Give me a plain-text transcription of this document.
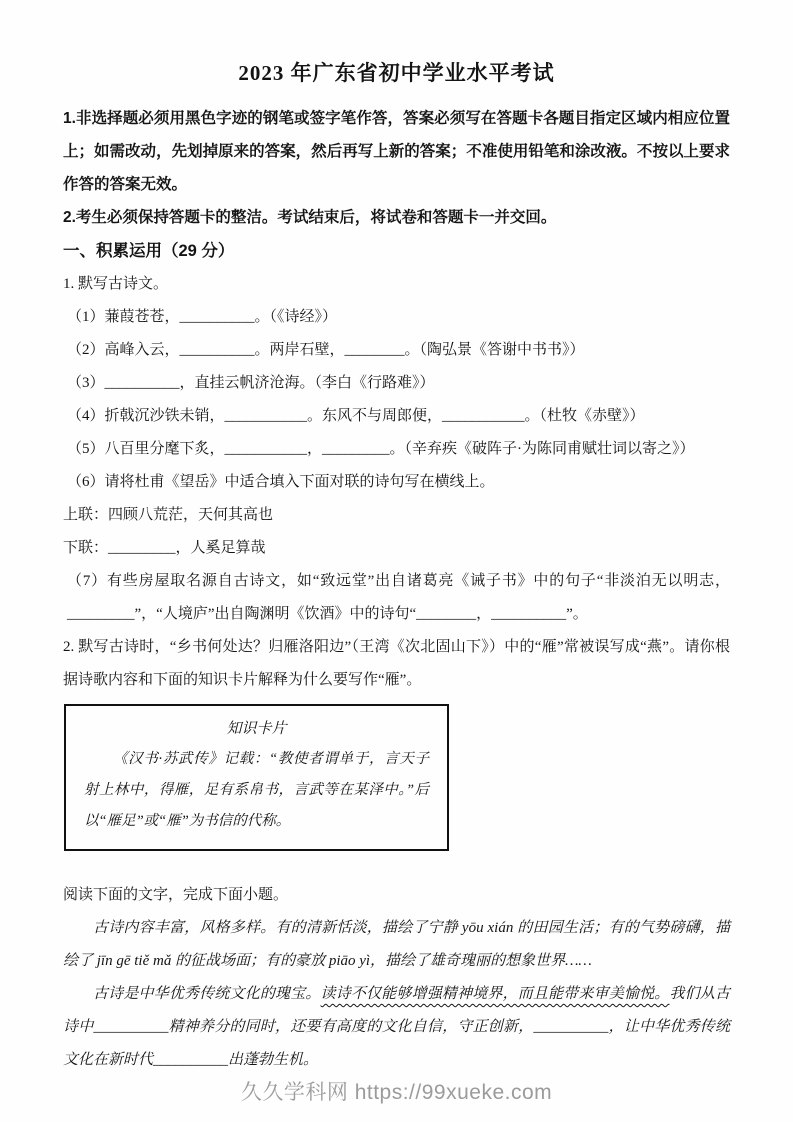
2023 年广东省初中学业水平考试
1.非选择题必须用黑色字迹的钢笔或签字笔作答，答案必须写在答题卡各题目指定区域内相应位置上；如需改动，先划掉原来的答案，然后再写上新的答案；不准使用铅笔和涂改液。不按以上要求作答的答案无效。
2.考生必须保持答题卡的整洁。考试结束后，将试卷和答题卡一并交回。
一、积累运用（29 分）
1. 默写古诗文。
（1）蒹葭苍苍，__________。（《诗经》）
（2）高峰入云，__________。两岸石壁，________。（陶弘景《答谢中书书》）
（3）__________，直挂云帆济沧海。（李白《行路难》）
（4）折戟沉沙铁未销，___________。东风不与周郎便，___________。（杜牧《赤壁》）
（5）八百里分麾下炙，___________，_________。（辛弃疾《破阵子·为陈同甫赋壮词以寄之》）
（6）请将杜甫《望岳》中适合填入下面对联的诗句写在横线上。
上联：四顾八荒茫，天何其高也
下联：_________，人奚足算哉
（7）有些房屋取名源自古诗文，如“致远堂”出自诸葛亮《诫子书》中的句子“非淡泊无以明志，_________”，“人境庐”出自陶渊明《饮酒》中的诗句“________，__________”。
2. 默写古诗时，“乡书何处达？归雁洛阳边”（王湾《次北固山下》）中的“雁”常被误写成“燕”。请你根据诗歌内容和下面的知识卡片解释为什么要写作“雁”。
知识卡片
《汉书·苏武传》记载：“教使者谓单于，言天子射上林中，得雁，足有系帛书，言武等在某泽中。”后以“雁足”或“雁”为书信的代称。
阅读下面的文字，完成下面小题。
古诗内容丰富，风格多样。有的清新恬淡，描绘了宁静 yōu xián 的田园生活；有的气势磅礴，描绘了 jīn gē tiě mǎ 的征战场面；有的豪放 piāo yì，描绘了雄奇瑰丽的想象世界……
古诗是中华优秀传统文化的瑰宝。读诗不仅能够增强精神境界，而且能带来审美愉悦。我们从古诗中__________精神养分的同时，还要有高度的文化自信，守正创新，__________，让中华优秀传统文化在新时代__________出蓬勃生机。
久久学科网 https://99xueke.com
